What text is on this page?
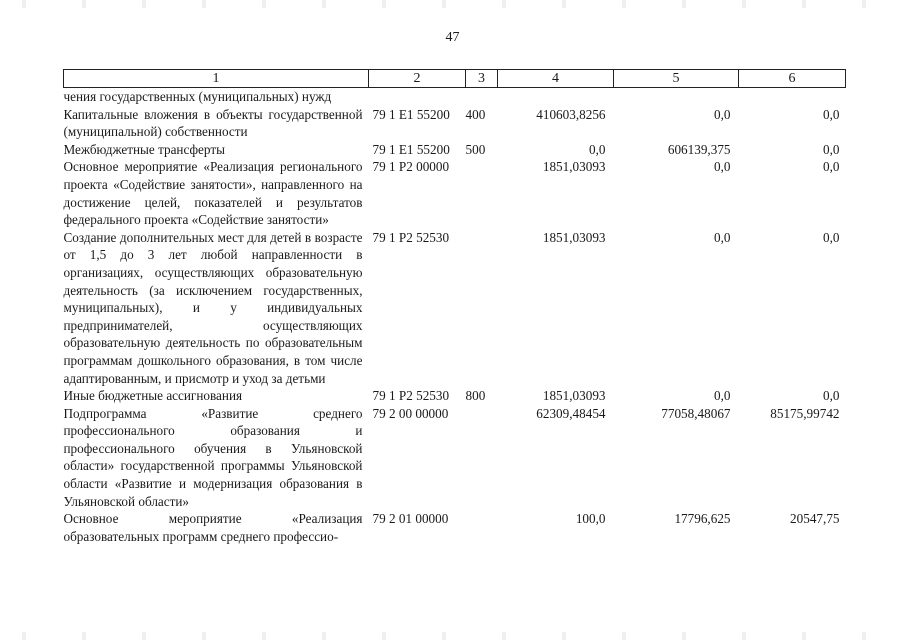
47
1	2	3	4	5	6
чения государственных (муниципальных) нужд					
Капитальные вложения в объекты государственной (муниципальной) собственности	79 1 E1 55200	400	410603,8256	0,0	0,0
Межбюджетные трансферты	79 1 E1 55200	500	0,0	606139,375	0,0
Основное мероприятие «Реализация регионального проекта «Содействие занятости», направленного на достижение целей, показателей и результатов федерального проекта «Содействие занятости»	79 1 P2 00000		1851,03093	0,0	0,0
Создание дополнительных мест для детей в возрасте от 1,5 до 3 лет любой направленности в организациях, осуществляющих образовательную деятельность (за исключением государственных, муниципальных), и у индивидуальных предпринимателей, осуществляющих образовательную деятельность по образовательным программам дошкольного образования, в том числе адаптированным, и присмотр и уход за детьми	79 1 P2 52530		1851,03093	0,0	0,0
Иные бюджетные ассигнования	79 1 P2 52530	800	1851,03093	0,0	0,0
Подпрограмма «Развитие среднего профессионального образования и профессионального обучения в Ульяновской области» государственной программы Ульяновской области «Развитие и модернизация образования в Ульяновской области»	79 2 00 00000		62309,48454	77058,48067	85175,99742
Основное мероприятие «Реализация образовательных программ среднего профессио-	79 2 01 00000		100,0	17796,625	20547,75
